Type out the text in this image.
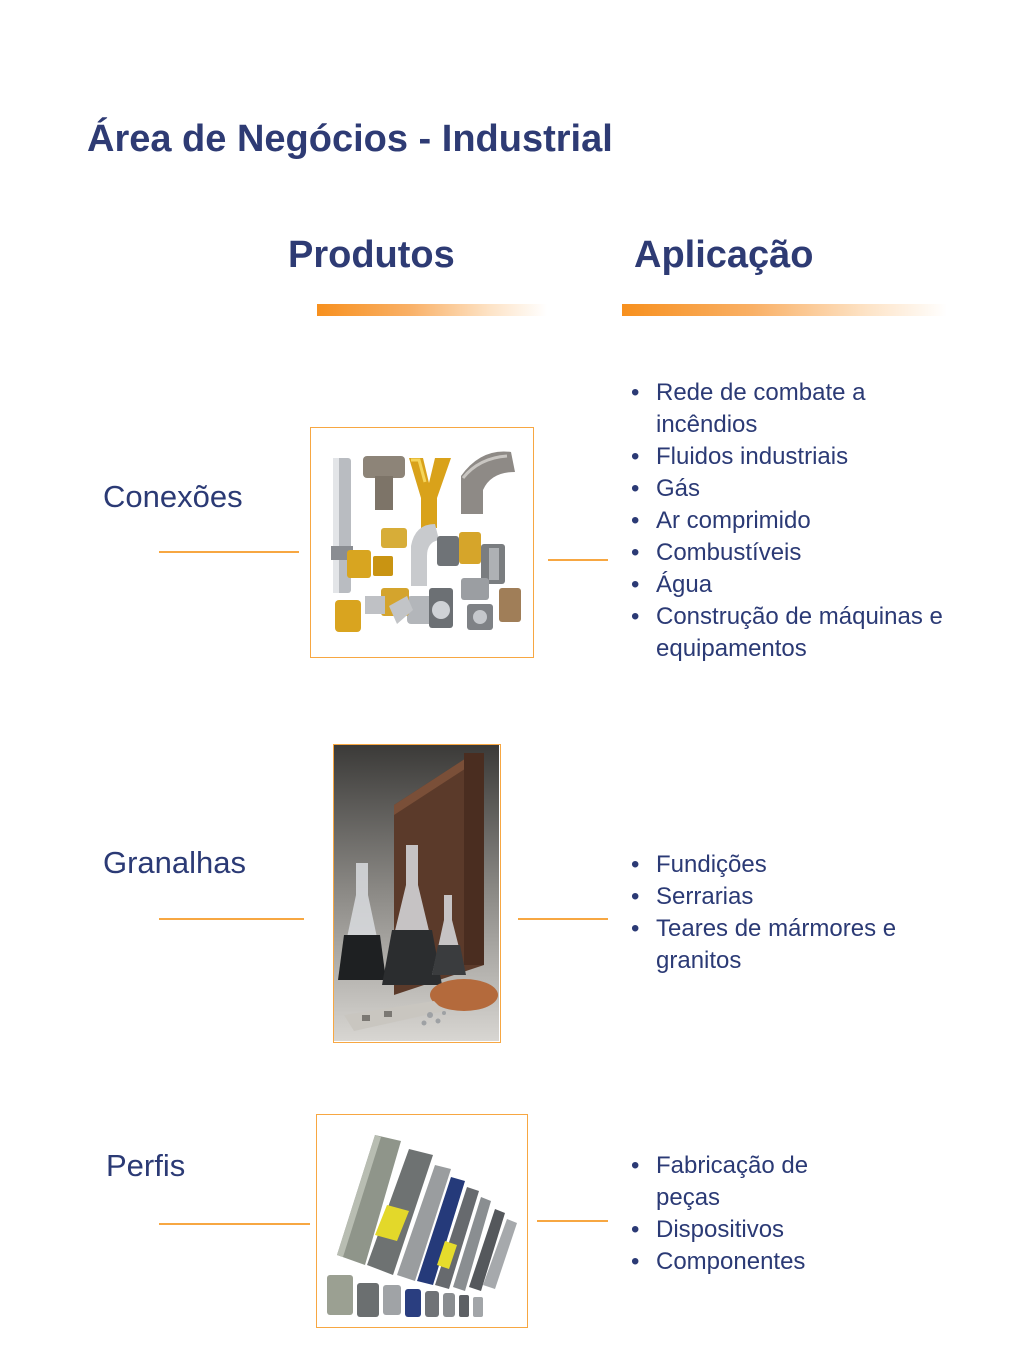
Área de Negócios - Industrial
Produtos	Aplicação
Conexões
• Rede de combate a incêndios
• Fluidos industriais
• Gás
• Ar comprimido
• Combustíveis
• Água
• Construção de máquinas e equipamentos
Granalhas	• Fundições
• Serrarias
• Teares de mármores e granitos
Perfis	• Fabricação de peças
• Dispositivos
• Componentes
